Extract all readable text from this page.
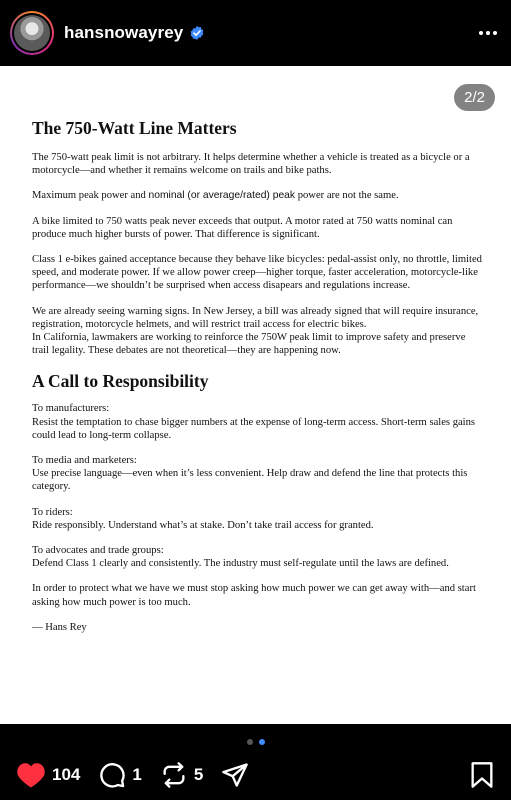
hansnowayrey
2/2
The 750-Watt Line Matters

The 750-watt peak limit is not arbitrary. It helps determine whether a vehicle is treated as a bicycle or a motorcycle—and whether it remains welcome on trails and bike paths.

Maximum peak power and nominal (or average/rated) peak power are not the same.

A bike limited to 750 watts peak never exceeds that output. A motor rated at 750 watts nominal can produce much higher bursts of power. That difference is significant.

Class 1 e-bikes gained acceptance because they behave like bicycles: pedal-assist only, no throttle, limited speed, and moderate power. If we allow power creep—higher torque, faster acceleration, motorcycle-like performance—we shouldn’t be surprised when access disapears and regulations increase.

We are already seeing warning signs. In New Jersey, a bill was already signed that will require insurance, registration, motorcycle helmets, and will restrict trail access for electric bikes.

In California, lawmakers are working to reinforce the 750W peak limit to improve safety and preserve trail legality. These debates are not theoretical—they are happening now.

A Call to Responsibility

To manufacturers:

Resist the temptation to chase bigger numbers at the expense of long-term access. Short-term sales gains could lead to long-term collapse.

To media and marketers:

Use precise language—even when it’s less convenient. Help draw and defend the line that protects this category.

To riders:

Ride responsibly. Understand what’s at stake. Don’t take trail access for granted.

To advocates and trade groups:

Defend Class 1 clearly and consistently. The industry must self-regulate until the laws are defined.

In order to protect what we have we must stop asking how much power we can get away with—and start asking how much power is too much.

— Hans Rey

104	1	5
